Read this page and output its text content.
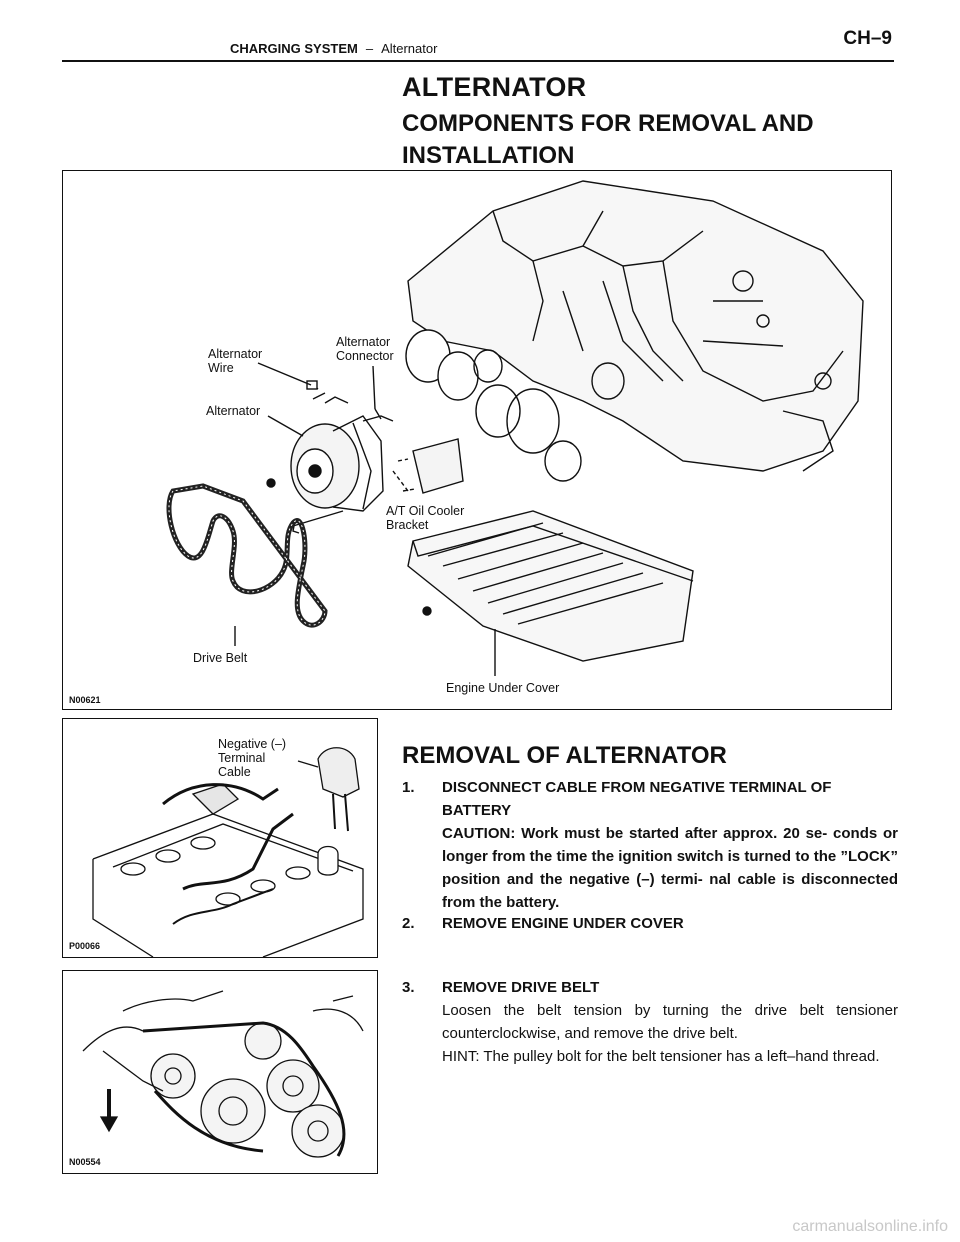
CHARGING SYSTEM – Alternator	CH–9
ALTERNATOR
COMPONENTS FOR REMOVAL AND INSTALLATION
Alternator
Wire
Alternator
Connector
Alternator
A/T Oil Cooler
Bracket
Drive Belt
Engine Under Cover
N00621
Negative (–)
Terminal
Cable
P00066
N00554
REMOVAL OF ALTERNATOR
1. DISCONNECT CABLE FROM NEGATIVE TERMINAL OF BATTERY
CAUTION: Work must be started after approx. 20 se- conds or longer from the time the ignition switch is turned to the ”LOCK” position and the negative (–) termi- nal cable is disconnected from the battery.
2. REMOVE ENGINE UNDER COVER
3. REMOVE DRIVE BELT
Loosen the belt tension by turning the drive belt tensioner counterclockwise, and remove the drive belt.
HINT: The pulley bolt for the belt tensioner has a left–hand thread.
carmanualsonline.info
